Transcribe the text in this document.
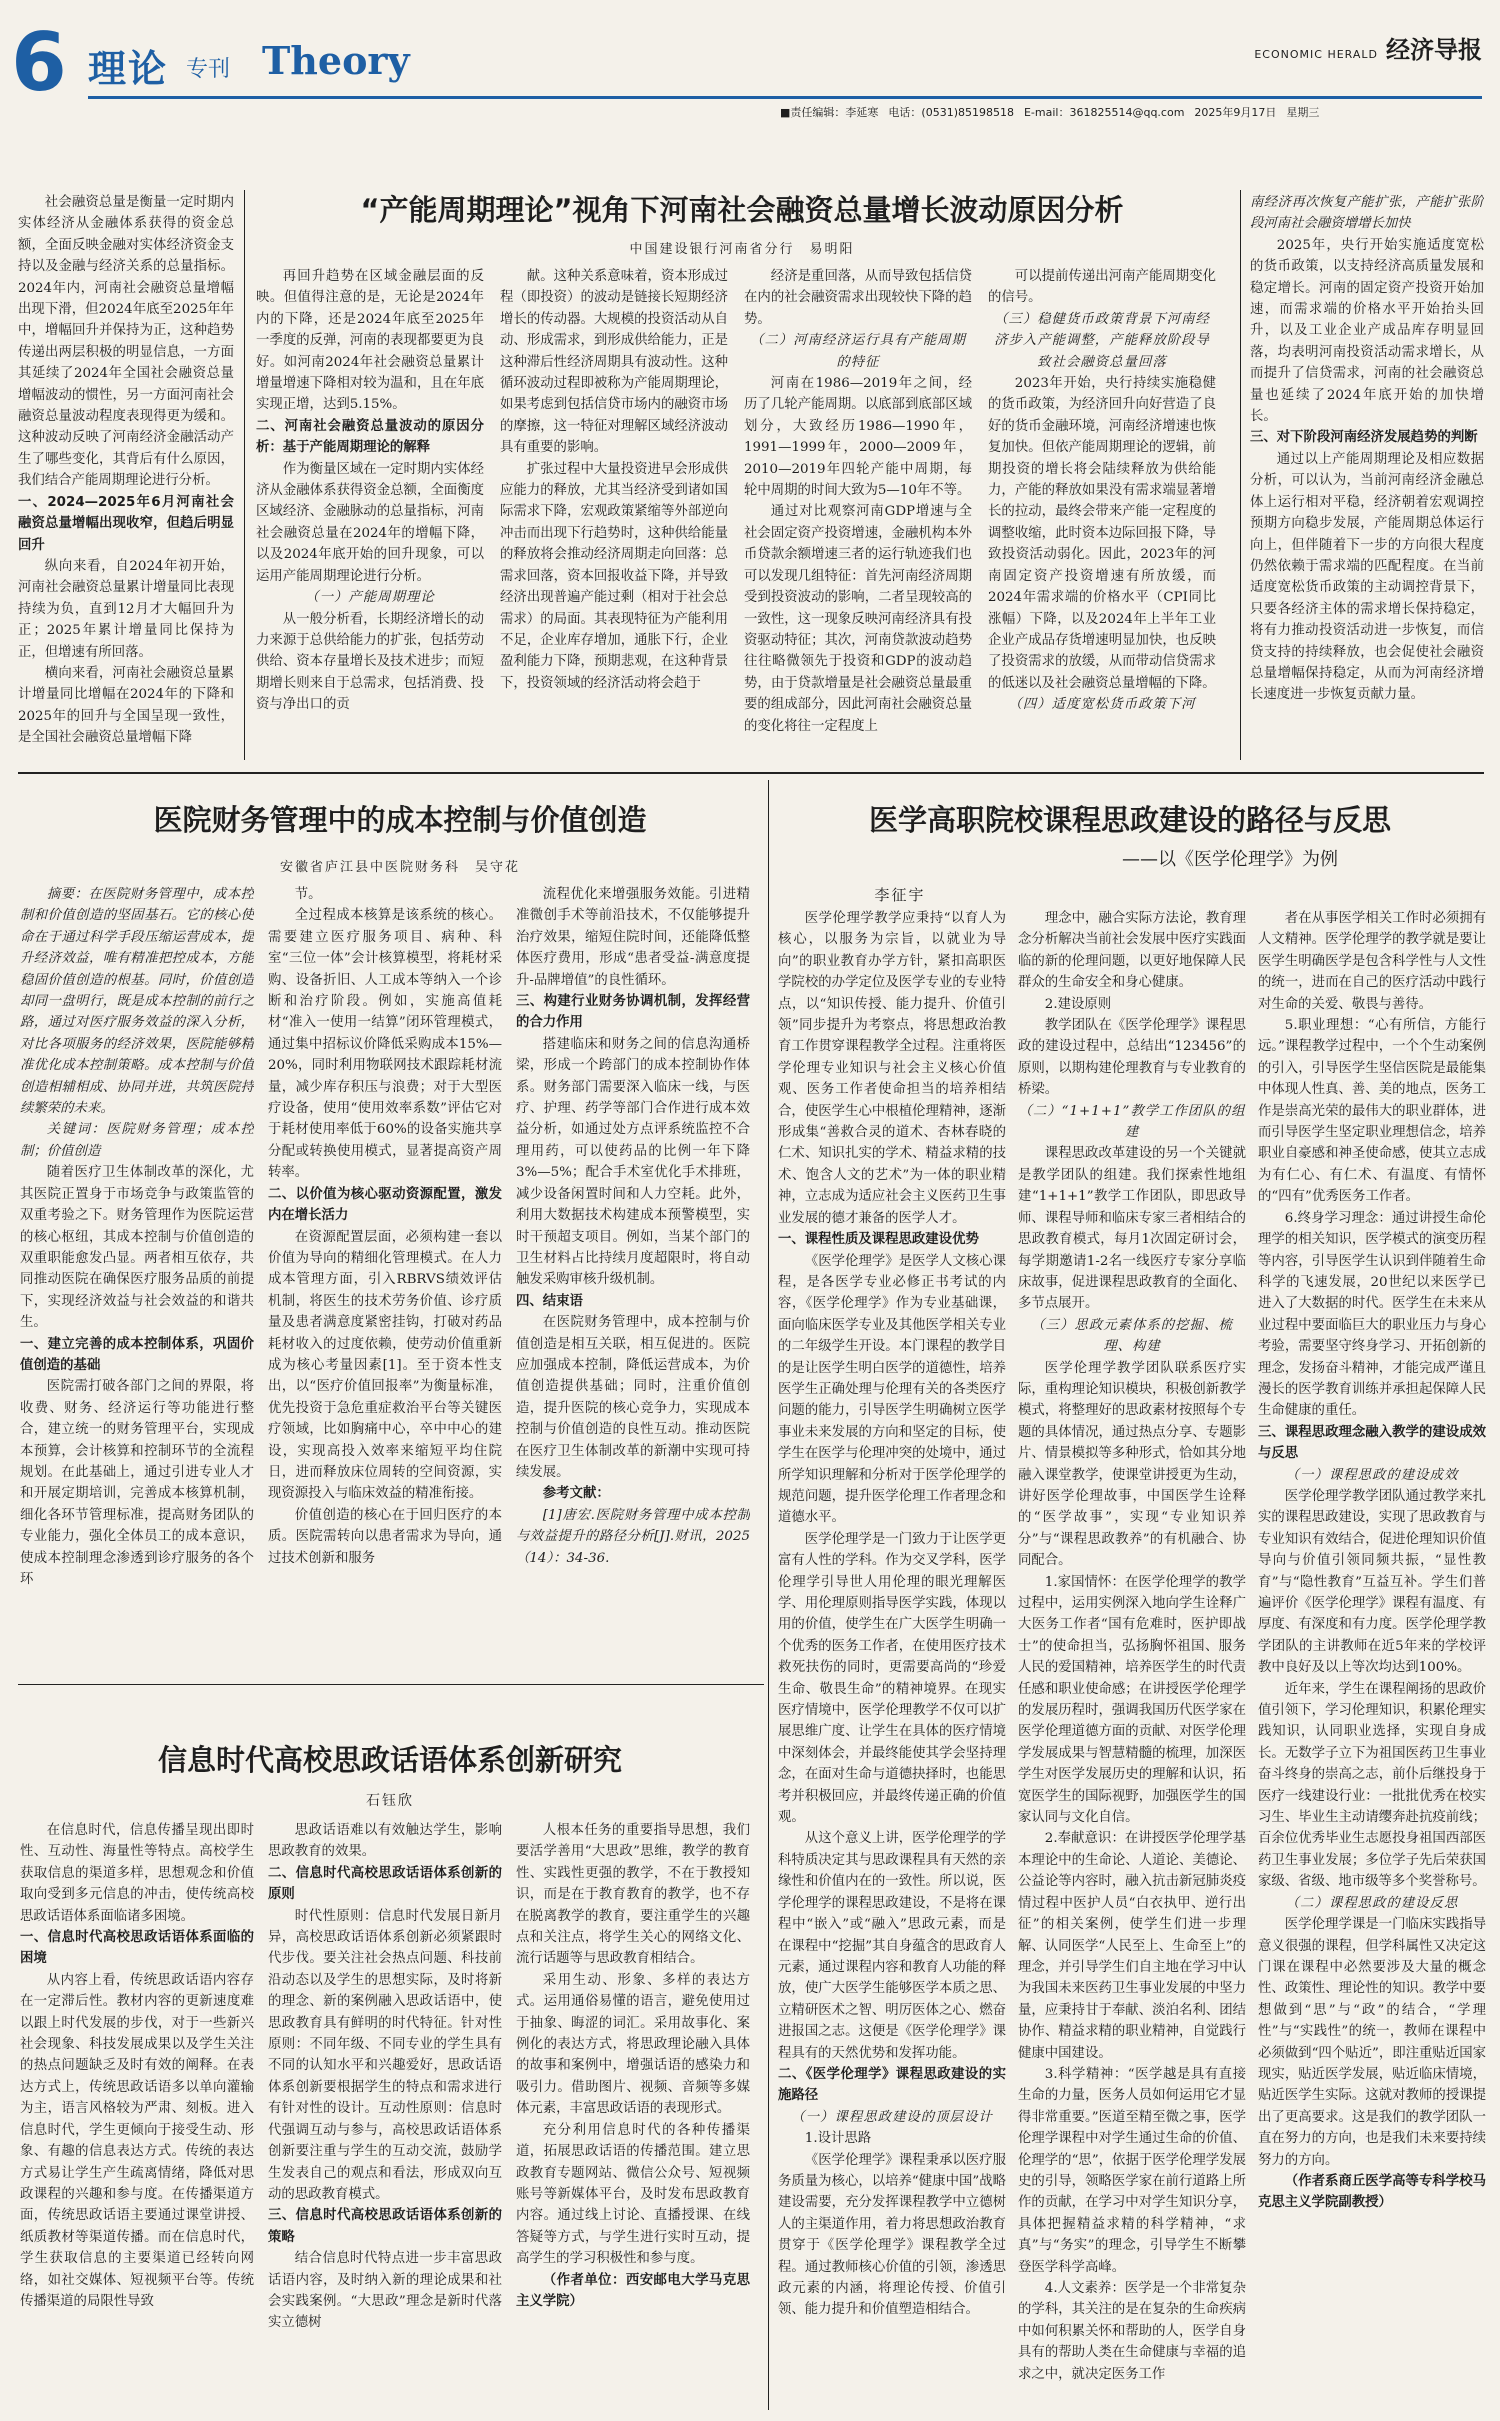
6 理论 专刊 Theory	ECONOMIC HERALD 经济导报
■责任编辑：李延寒 电话：(0531)85198518 E-mail：361825514@qq.com 2025年9月17日 星期三

社会融资总量是衡量一定时期内实体经济从金融体系获得的资金总额，全面反映金融对实体经济资金支持以及金融与经济关系的总量指标。2024年内，河南社会融资总量增幅出现下滑，但2024年底至2025年年中，增幅回升并保持为正，这种趋势传递出两层积极的明显信息，一方面其延续了2024年全国社会融资总量增幅波动的惯性，另一方面河南社会融资总量波动程度表现得更为缓和。这种波动反映了河南经济金融活动产生了哪些变化，其背后有什么原因，我们结合产能周期理论进行分析。

一、2024—2025年6月河南社会融资总量增幅出现收窄，但趋后明显回升

纵向来看，自2024年初开始，河南社会融资总量累计增量同比表现持续为负，直到12月才大幅回升为正；2025年累计增量同比保持为正，但增速有所回落。

横向来看，河南社会融资总量累计增量同比增幅在2024年的下降和2025年的回升与全国呈现一致性，是全国社会融资总量增幅下降

“产能周期理论”视角下河南社会融资总量增长波动原因分析
中国建设银行河南省分行　易明阳

再回升趋势在区域金融层面的反映。但值得注意的是，无论是2024年内的下降，还是2024年底至2025年一季度的反弹，河南的表现都要更为良好。如河南2024年社会融资总量累计增量增速下降相对较为温和，且在年底实现正增，达到5.15%。

二、河南社会融资总量波动的原因分析：基于产能周期理论的解释

作为衡量区域在一定时期内实体经济从金融体系获得资金总额，全面衡度区域经济、金融脉动的总量指标，河南社会融资总量在2024年的增幅下降，以及2024年底开始的回升现象，可以运用产能周期理论进行分析。

（一）产能周期理论

从一般分析看，长期经济增长的动力来源于总供给能力的扩张，包括劳动供给、资本存量增长及技术进步；而短期增长则来自于总需求，包括消费、投资与净出口的贡

献。这种关系意味着，资本形成过程（即投资）的波动是链接长短期经济增长的传动器。大规模的投资活动从自动、形成需求，到形成供给能力，正是这种滞后性经济周期具有波动性。这种循环波动过程即被称为产能周期理论，如果考虑到包括信贷市场内的融资市场的摩擦，这一特征对理解区域经济波动具有重要的影响。

扩张过程中大量投资进早会形成供应能力的释放，尤其当经济受到诸如国际需求下降，宏观政策紧缩等外部逆向冲击而出现下行趋势时，这种供给能量的释放将会推动经济周期走向回落：总需求回落，资本回报收益下降，并导致经济出现普遍产能过剩（相对于社会总需求）的局面。其表现特征为产能利用不足，企业库存增加，通胀下行，企业盈利能力下降，预期悲观，在这种背景下，投资领域的经济活动将会趋于

经济是重回落，从而导致包括信贷在内的社会融资需求出现较快下降的趋势。

（二）河南经济运行具有产能周期的特征

河南在1986—2019年之间，经历了几轮产能周期。以底部到底部区域划分，大致经历1986—1990年，1991—1999年，2000—2009年，2010—2019年四轮产能中周期，每轮中周期的时间大致为5—10年不等。

通过对比观察河南GDP增速与全社会固定资产投资增速，金融机构本外币贷款余额增速三者的运行轨迹我们也可以发现几组特征：首先河南经济周期受到投资波动的影响，二者呈现较高的一致性，这一现象反映河南经济具有投资驱动特征；其次，河南贷款波动趋势往往略微领先于投资和GDP的波动趋势，由于贷款增量是社会融资总量最重要的组成部分，因此河南社会融资总量的变化将往一定程度上

可以提前传递出河南产能周期变化的信号。

（三）稳健货币政策背景下河南经济步入产能调整，产能释放阶段导致社会融资总量回落

2023年开始，央行持续实施稳健的货币政策，为经济回升向好营造了良好的货币金融环境，河南经济增速也恢复加快。但依产能周期理论的逻辑，前期投资的增长将会陆续释放为供给能力，产能的释放如果没有需求端显著增长的拉动，最终会带来产能一定程度的调整收缩，此时资本边际回报下降，导致投资活动弱化。因此，2023年的河南固定资产投资增速有所放缓，而2024年需求端的价格水平（CPI同比涨幅）下降，以及2024年上半年工业企业产成品存货增速明显加快，也反映了投资需求的放缓，从而带动信贷需求的低迷以及社会融资总量增幅的下降。

（四）适度宽松货币政策下河

南经济再次恢复产能扩张，产能扩张阶段河南社会融资增增长加快

2025年，央行开始实施适度宽松的货币政策，以支持经济高质量发展和稳定增长。河南的固定资产投资开始加速，而需求端的价格水平开始抬头回升，以及工业企业产成品库存明显回落，均表明河南投资活动需求增长，从而提升了信贷需求，河南的社会融资总量也延续了2024年底开始的加快增长。

三、对下阶段河南经济发展趋势的判断

通过以上产能周期理论及相应数据分析，可以认为，当前河南经济金融总体上运行相对平稳，经济朝着宏观调控预期方向稳步发展，产能周期总体运行向上，但伴随着下一步的方向很大程度仍然依赖于需求端的匹配程度。在当前适度宽松货币政策的主动调控背景下，只要各经济主体的需求增长保持稳定，将有力推动投资活动进一步恢复，而信贷支持的持续释放，也会促使社会融资总量增幅保持稳定，从而为河南经济增长速度进一步恢复贡献力量。

医院财务管理中的成本控制与价值创造
安徽省庐江县中医院财务科　吴守花

摘要：在医院财务管理中，成本控制和价值创造的坚固基石。它的核心使命在于通过科学手段压缩运营成本，提升经济效益，唯有精准把控成本，方能稳固价值创造的根基。同时，价值创造却同一盘明行，既是成本控制的前行之路，通过对医疗服务效益的深入分析，对比各项服务的经济效果，医院能够精准优化成本控制策略。成本控制与价值创造相辅相成、协同并进，共筑医院持续繁荣的未来。

关键词：医院财务管理；成本控制；价值创造

随着医疗卫生体制改革的深化，尤其医院正置身于市场竞争与政策监管的双重考验之下。财务管理作为医院运营的核心枢纽，其成本控制与价值创造的双重职能愈发凸显。两者相互依存，共同推动医院在确保医疗服务品质的前提下，实现经济效益与社会效益的和谐共生。

一、建立完善的成本控制体系，巩固价值创造的基础

医院需打破各部门之间的界限，将收费、财务、经济运行等功能进行整合，建立统一的财务管理平台，实现成本预算，会计核算和控制环节的全流程规划。在此基础上，通过引进专业人才和开展定期培训，完善成本核算机制，细化各环节管理标准，提高财务团队的专业能力，强化全体员工的成本意识，使成本控制理念渗透到诊疗服务的各个环

节。

全过程成本核算是该系统的核心。需要建立医疗服务项目、病种、科室“三位一体”会计核算模型，将耗材采购、设备折旧、人工成本等纳入一个诊断和治疗阶段。例如，实施高值耗材“准入一使用一结算”闭环管理模式，通过集中招标议价降低采购成本15%—20%，同时利用物联网技术跟踪耗材流量，减少库存积压与浪费；对于大型医疗设备，使用“使用效率系数”评估它对于耗材使用率低于60%的设备实施共享分配或转换使用模式，显著提高资产周转率。

二、以价值为核心驱动资源配置，激发内在增长活力

在资源配置层面，必须构建一套以价值为导向的精细化管理模式。在人力成本管理方面，引入RBRVS绩效评估机制，将医生的技术劳务价值、诊疗质量及患者满意度紧密挂钩，打破对药品耗材收入的过度依赖，使劳动价值重新成为核心考量因素[1]。至于资本性支出，以“医疗价值回报率”为衡量标准，优先投资于急危重症救治平台等关键医疗领域，比如胸痛中心，卒中中心的建设，实现高投入效率来缩短平均住院日，进而释放床位周转的空间资源，实现资源投入与临床效益的精准衔接。

价值创造的核心在于回归医疗的本质。医院需转向以患者需求为导向，通过技术创新和服务

流程优化来增强服务效能。引进精准微创手术等前沿技术，不仅能够提升治疗效果，缩短住院时间，还能降低整体医疗费用，形成“患者受益-满意度提升-品牌增值”的良性循环。

三、构建行业财务协调机制，发挥经营的合力作用

搭建临床和财务之间的信息沟通桥梁，形成一个跨部门的成本控制协作体系。财务部门需要深入临床一线，与医疗、护理、药学等部门合作进行成本效益分析，如通过处方点评系统监控不合理用药，可以使药品的比例一年下降3%—5%；配合手术室优化手术排班，减少设备闲置时间和人力空耗。此外，利用大数据技术构建成本预警模型，实时干预超支项目。例如，当某个部门的卫生材料占比持续月度超限时，将自动触发采购审核升级机制。

四、结束语

在医院财务管理中，成本控制与价值创造是相互关联，相互促进的。医院应加强成本控制，降低运营成本，为价值创造提供基础；同时，注重价值创造，提升医院的核心竞争力，实现成本控制与价值创造的良性互动。推动医院在医疗卫生体制改革的新潮中实现可持续发展。

参考文献：

[1]唐宏.医院财务管理中成本控制与效益提升的路径分析[J].财讯，2025（14）：34-36.

医学高职院校课程思政建设的路径与反思
——以《医学伦理学》为例
李征宇

医学伦理学教学应秉持“以育人为核心，以服务为宗旨，以就业为导向”的职业教育办学方针，紧扣高职医学院校的办学定位及医学专业的专业特点，以“知识传授、能力提升、价值引领”同步提升为考察点，将思想政治教育工作贯穿课程教学全过程。注重将医学伦理专业知识与社会主义核心价值观、医务工作者使命担当的培养相结合，使医学生心中根植伦理精神，逐渐形成集“善救合灵的道术、杏林春晓的仁术、知识扎实的学术、精益求精的技术、饱含人文的艺术”为一体的职业精神，立志成为适应社会主义医药卫生事业发展的德才兼备的医学人才。

一、课程性质及课程思政建设优势

《医学伦理学》是医学人文核心课程，是各医学专业必修正书考试的内容，《医学伦理学》作为专业基础课，面向临床医学专业及其他医学相关专业的二年级学生开设。本门课程的教学目的是让医学生明白医学的道德性，培养医学生正确处理与伦理有关的各类医疗问题的能力，引导医学生明确树立医学事业未来发展的方向和坚定的目标，使学生在医学与伦理冲突的处境中，通过所学知识理解和分析对于医学伦理学的规范问题，提升医学伦理工作者理念和道德水平。

医学伦理学是一门致力于让医学更富有人性的学科。作为交叉学科，医学伦理学引导世人用伦理的眼光理解医学、用伦理原则指导医学实践，体现以用的价值，使学生在广大医学生明确一个优秀的医务工作者，在使用医疗技术救死扶伤的同时，更需要高尚的“珍爱生命、敬畏生命”的精神境界。在现实医疗情境中，医学伦理教学不仅可以扩展思维广度、让学生在具体的医疗情境中深刻体会，并最终能使其学会坚持理念，在面对生命与道德抉择时，也能思考并积极回应，并最终传递正确的价值观。

从这个意义上讲，医学伦理学的学科特质决定其与思政课程具有天然的亲缘性和价值内在的一致性。所以说，医学伦理学的课程思政建设，不是将在课程中“嵌入”或“融入”思政元素，而是在课程中“挖掘”其自身蕴含的思政育人元素，通过课程内容和教育人功能的释放，使广大医学生能够医学本质之思、立精研医术之智、明厉医体之心、燃奋进报国之志。这便是《医学伦理学》课程具有的天然优势和发挥功能。

二、《医学伦理学》课程思政建设的实施路径

（一）课程思政建设的顶层设计

1.设计思路

《医学伦理学》课程秉承以医疗服务质量为核心，以培养“健康中国”战略建设需要，充分发挥课程教学中立德树人的主渠道作用，着力将思想政治教育贯穿于《医学伦理学》课程教学全过程。通过教师核心价值的引领，渗透思政元素的内涵，将理论传授、价值引领、能力提升和价值塑造相结合。

理念中，融合实际方法论，教育理念分析解决当前社会发展中医疗实践面临的新的伦理问题，以更好地保障人民群众的生命安全和身心健康。

2.建设原则

教学团队在《医学伦理学》课程思政的建设过程中，总结出“123456”的原则，以期构建伦理教育与专业教育的桥梁。

（二）“1+1+1”教学工作团队的组建

课程思政改革建设的另一个关键就是教学团队的组建。我们探索性地组建“1+1+1”教学工作团队，即思政导师、课程导师和临床专家三者相结合的思政教育模式，每月1次固定研讨会，每学期邀请1-2名一线医疗专家分享临床故事，促进课程思政教育的全面化、多节点展开。

（三）思政元素体系的挖掘、梳理、构建

医学伦理学教学团队联系医疗实际，重构理论知识模块，积极创新教学模式，将整理好的思政素材按照每个专题的具体情况，通过热点分享、专题影片、情景模拟等多种形式，恰如其分地融入课堂教学，使课堂讲授更为生动，讲好医学伦理故事，中国医学生诠释的“医学故事”，实现“专业知识养分”与“课程思政教养”的有机融合、协同配合。

1.家国情怀：在医学伦理学的教学过程中，运用实例深入地向学生诠释广大医务工作者“国有危难时，医护即战士”的使命担当，弘扬胸怀祖国、服务人民的爱国精神，培养医学生的时代责任感和职业使命感；在讲授医学伦理学的发展历程时，强调我国历代医学家在医学伦理道德方面的贡献、对医学伦理学发展成果与智慧精髓的梳理，加深医学生对医学发展历史的理解和认识，拓宽医学生的国际视野，加强医学生的国家认同与文化自信。

2.奉献意识：在讲授医学伦理学基本理论中的生命论、人道论、美德论、公益论等内容时，融入抗击新冠肺炎疫情过程中医护人员“白衣执甲、逆行出征”的相关案例，使学生们进一步理解、认同医学“人民至上、生命至上”的理念，并引导学生们自主地在学习中认为我国未来医药卫生事业发展的中坚力量，应秉持甘于奉献、淡泊名利、团结协作、精益求精的职业精神，自觉践行健康中国建设。

3.科学精神：“医学越是具有直接生命的力量，医务人员如何运用它才显得非常重要。”医道至精至微之事，医学伦理学课程中对学生通过生命的价值、伦理学的“思”，依据于医学伦理学发展史的引导，领略医学家在前行道路上所作的贡献，在学习中对学生知识分享，具体把握精益求精的科学精神，“求真”与“务实”的理念，引导学生不断攀登医学科学高峰。

4.人文素养：医学是一个非常复杂的学科，其关注的是在复杂的生命疾病中如何积累关怀和帮助的人，医学自身具有的帮助人类在生命健康与幸福的追求之中，就决定医务工作

者在从事医学相关工作时必须拥有人文精神。医学伦理学的教学就是要让医学生明确医学是包含科学性与人文性的统一，进而在自己的医疗活动中践行对生命的关爱、敬畏与善待。

5.职业理想：“心有所信，方能行远。”课程教学过程中，一个个生动案例的引入，引导医学生坚信医院是最能集中体现人性真、善、美的地点，医务工作是崇高光荣的最伟大的职业群体，进而引导医学生坚定职业理想信念，培养职业自豪感和神圣使命感，使其立志成为有仁心、有仁术、有温度、有情怀的“四有”优秀医务工作者。

6.终身学习理念：通过讲授生命伦理学的相关知识，医学模式的演变历程等内容，引导医学生认识到伴随着生命科学的飞速发展，20世纪以来医学已进入了大数据的时代。医学生在未来从业过程中要面临巨大的职业压力与身心考验，需要坚守终身学习、开拓创新的理念，发扬奋斗精神，才能完成严谨且漫长的医学教育训练并承担起保障人民生命健康的重任。

三、课程思政理念融入教学的建设成效与反思

（一）课程思政的建设成效

医学伦理学教学团队通过教学来扎实的课程思政建设，实现了思政教育与专业知识有效结合，促进伦理知识价值导向与价值引领同频共振，“显性教育”与“隐性教育”互益互补。学生们普遍评价《医学伦理学》课程有温度、有厚度、有深度和有力度。医学伦理学教学团队的主讲教师在近5年来的学校评教中良好及以上等次均达到100%。

近年来，学生在课程阐扬的思政价值引领下，学习伦理知识，积累伦理实践知识，认同职业选择，实现自身成长。无数学子立下为祖国医药卫生事业奋斗终身的崇高之志，前仆后继投身于医疗一线建设行业：一批批优秀在校实习生、毕业生主动请缨奔赴抗疫前线；百余位优秀毕业生志愿投身祖国西部医药卫生事业发展；多位学子先后荣获国家级、省级、地市级等多个奖誉称号。

（二）课程思政的建设反思

医学伦理学课是一门临床实践指导意义很强的课程，但学科属性又决定这门课在课程中必然要涉及大量的概念性、政策性、理论性的知识。教学中要想做到“思”与“政”的结合，“学理性”与“实践性”的统一，教师在课程中必须做到“四个贴近”，即注重贴近国家现实，贴近医学发展，贴近临床情境，贴近医学生实际。这就对教师的授课提出了更高要求。这是我们的教学团队一直在努力的方向，也是我们未来要持续努力的方向。

（作者系商丘医学高等专科学校马克思主义学院副教授）

信息时代高校思政话语体系创新研究
石钰欣

在信息时代，信息传播呈现出即时性、互动性、海量性等特点。高校学生获取信息的渠道多样，思想观念和价值取向受到多元信息的冲击，使传统高校思政话语体系面临诸多困境。

一、信息时代高校思政话语体系面临的困境

从内容上看，传统思政话语内容存在一定滞后性。教材内容的更新速度难以跟上时代发展的步伐，对于一些新兴社会现象、科技发展成果以及学生关注的热点问题缺乏及时有效的阐释。在表达方式上，传统思政话语多以单向灌输为主，语言风格较为严肃、刻板。进入信息时代，学生更倾向于接受生动、形象、有趣的信息表达方式。传统的表达方式易让学生产生疏离情绪，降低对思政课程的兴趣和参与度。在传播渠道方面，传统思政话语主要通过课堂讲授、纸质教材等渠道传播。而在信息时代，学生获取信息的主要渠道已经转向网络，如社交媒体、短视频平台等。传统传播渠道的局限性导致

思政话语难以有效触达学生，影响思政教育的效果。

二、信息时代高校思政话语体系创新的原则

时代性原则：信息时代发展日新月异，高校思政话语体系创新必须紧跟时代步伐。要关注社会热点问题、科技前沿动态以及学生的思想实际，及时将新的理念、新的案例融入思政话语中，使思政教育具有鲜明的时代特征。针对性原则：不同年级、不同专业的学生具有不同的认知水平和兴趣爱好，思政话语体系创新要根据学生的特点和需求进行有针对性的设计。互动性原则：信息时代强调互动与参与，高校思政话语体系创新要注重与学生的互动交流，鼓励学生发表自己的观点和看法，形成双向互动的思政教育模式。

三、信息时代高校思政话语体系创新的策略

结合信息时代特点进一步丰富思政话语内容，及时纳入新的理论成果和社会实践案例。“大思政”理念是新时代落实立德树

人根本任务的重要指导思想，我们要活学善用“大思政”思维，教学的教育性、实践性更强的教学，不在于教授知识，而是在于教育教育的教学，也不存在脱离教学的教育，要注重学生的兴趣点和关注点，将学生关心的网络文化、流行话题等与思政教育相结合。

采用生动、形象、多样的表达方式。运用通俗易懂的语言，避免使用过于抽象、晦涩的词汇。采用故事化、案例化的表达方式，将思政理论融入具体的故事和案例中，增强话语的感染力和吸引力。借助图片、视频、音频等多媒体元素，丰富思政话语的表现形式。

充分利用信息时代的各种传播渠道，拓展思政话语的传播范围。建立思政教育专题网站、微信公众号、短视频账号等新媒体平台，及时发布思政教育内容。通过线上讨论、直播授课、在线答疑等方式，与学生进行实时互动，提高学生的学习积极性和参与度。

（作者单位：西安邮电大学马克思主义学院）
